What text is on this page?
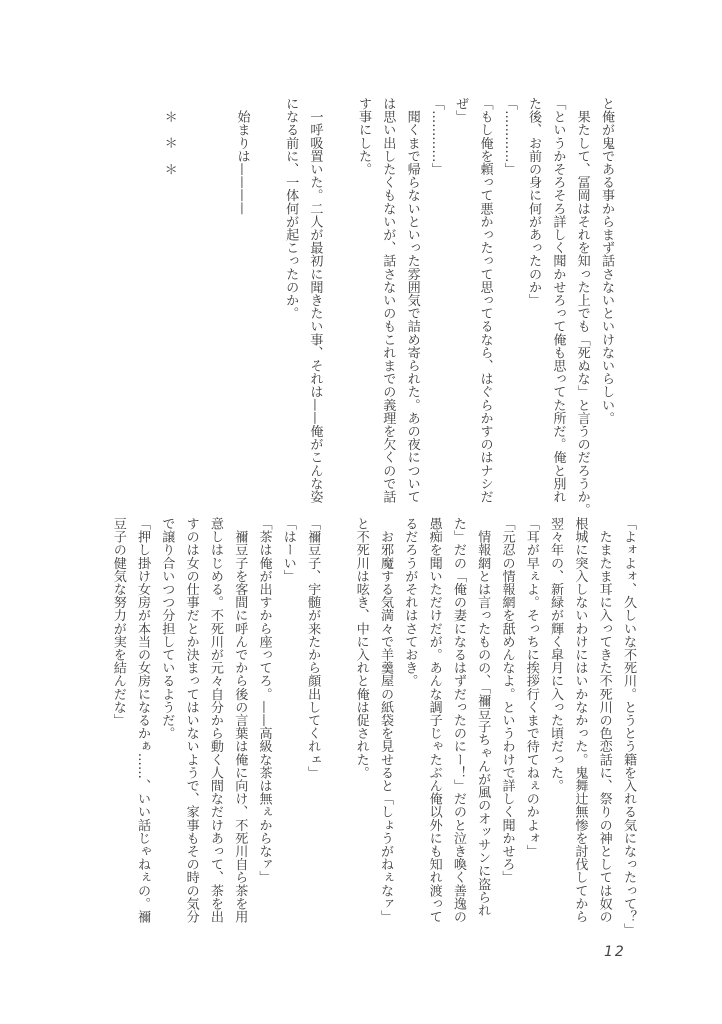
と俺が鬼である事からまず話さないといけないらしい。
　果たして、冨岡はそれを知った上でも「死ぬな」と言うのだろうか。
「というかそろそろ詳しく聞かせろって俺も思ってた所だ。俺と別れ
た後、お前の身に何があったのか」
「…………」
「もし俺を頼って悪かったって思ってるなら、はぐらかすのはナシだ
ぜ」
「…………」
　聞くまで帰らないといった雰囲気で詰め寄られた。あの夜について
は思い出したくもないが、話さないのもこれまでの義理を欠くので話
す事にした。
　一呼吸置いた。二人が最初に聞きたい事、それは——俺がこんな姿
になる前に、一体何が起こったのか。
　始まりは————
　＊　＊　＊
「よォよォ、久しいな不死川。とうとう籍を入れる気になったって？」
　たまたま耳に入ってきた不死川の色恋話に、祭りの神としては奴の
根城に突入しないわけにはいかなかった。鬼舞辻無惨を討伐してから
翌々年の、新緑が輝く皐月に入った頃だった。
「耳が早ぇよ。そっちに挨拶行くまで待てねぇのかよォ」
「元忍の情報網を舐めんなよ。というわけで詳しく聞かせろ」
　情報網とは言ったものの、「禰豆子ちゃんが風のオッサンに盗られ
た」だの「俺の妻になるはずだったのにー！」だのと泣き喚く善逸の
愚痴を聞いただけだが。あんな調子じゃたぶん俺以外にも知れ渡って
るだろうがそれはさておき。
　お邪魔する気満々で羊羹屋の紙袋を見せると「しょうがねぇなァ」
と不死川は呟き、中に入れと俺は促された。
「禰豆子、宇髄が来たから顔出してくれェ」
「はーい」
「茶は俺が出すから座ってろ。——高級な茶は無ぇからなァ」
　禰豆子を客間に呼んでから後の言葉は俺に向け、不死川自ら茶を用
意しはじめる。不死川が元々自分から動く人間なだけあって、茶を出
すのは女の仕事だとか決まってはいないようで、家事もその時の気分
で譲り合いつつ分担しているようだ。
「押し掛け女房が本当の女房になるかぁ……、いい話じゃねぇの。禰
豆子の健気な努力が実を結んだな」
12
